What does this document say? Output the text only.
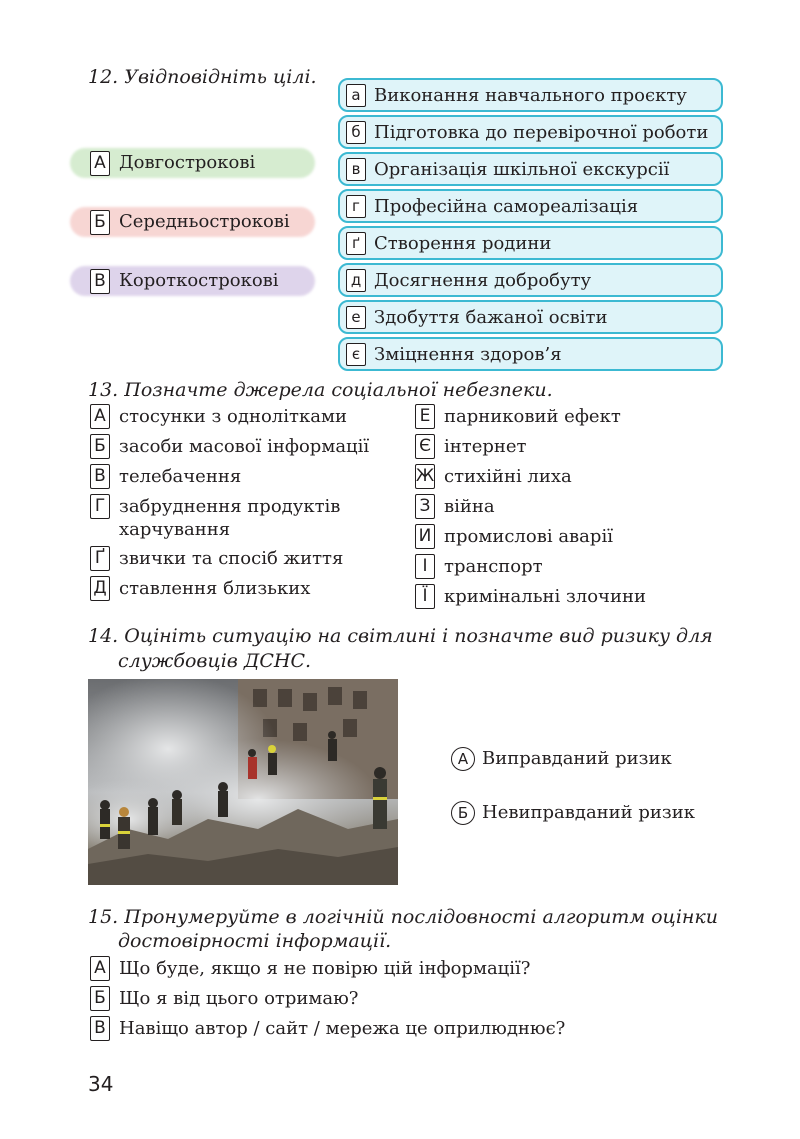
12. Увідповідніть цілі.
А Довгострокові
Б Середньострокові
В Короткострокові
а Виконання навчального проєкту
б Підготовка до перевірочної роботи
в Організація шкільної екскурсії
г Професійна самореалізація
ґ Створення родини
д Досягнення добробуту
е Здобуття бажаної освіти
є Зміцнення здоров’я
13. Позначте джерела соціальної небезпеки.
А стосунки з однолітками
Б засоби масової інформації
В телебачення
Г забруднення продуктів
харчування
Ґ звички та спосіб життя
Д ставлення близьких
Е парниковий ефект
Є інтернет
Ж стихійні лиха
З війна
И промислові аварії
І транспорт
Ї кримінальні злочини
14. Оцініть ситуацію на світлині і позначте вид ризику для
службовців ДСНС.
А Виправданий ризик
Б Невиправданий ризик
15. Пронумеруйте в логічній послідовності алгоритм оцінки
достовірності інформації.
А Що буде, якщо я не повірю цій інформації?
Б Що я від цього отримаю?
В Навіщо автор / сайт / мережа це оприлюднює?
34
